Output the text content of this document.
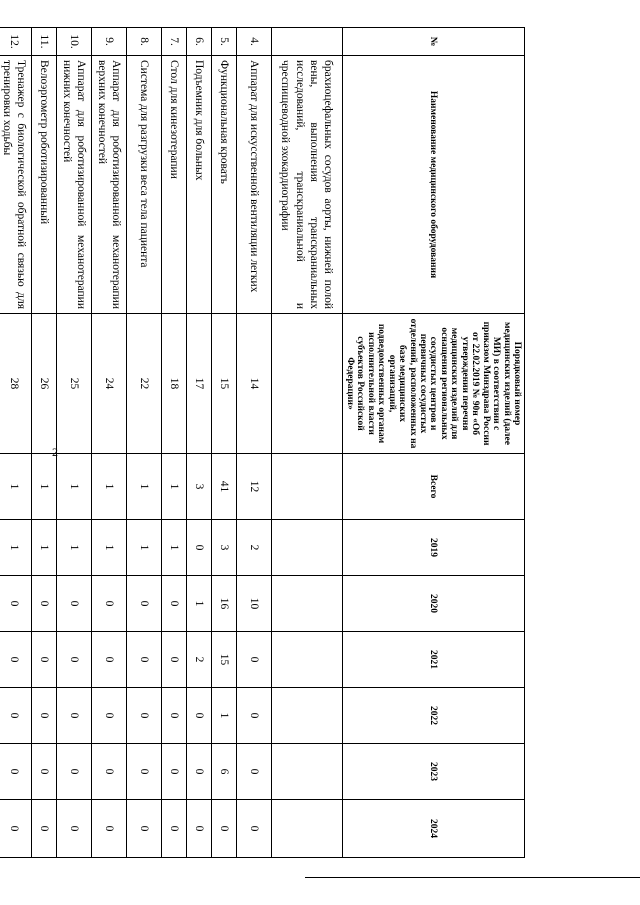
2
№	Наименование медицинского оборудования	Порядковый номер медицинских изделий (далее МИ) в соответствии с приказом Минздрава России от 22.02.2019 № 90н «Об утверждении перечня медицинских изделий для оснащения региональных сосудистых центров и первичных сосудистых отделений, расположенных на базе медицинских организаций, подведомственных органам исполнительной власти субъектов Российской Федерации»	Всего	2019	2020	2021	2022	2023	2024
	брахиоцефальных сосудов аорты, нижней полой вены, выполнения транскраниальных исследований, транскраниальной и чреспищеводной эхокардиографии								
4.	Аппарат для искусственной вентиляции легких	14	12	2	10	0	0	0	0
5.	Функциональная кровать	15	41	3	16	15	1	6	0
6.	Подъемник для больных	17	3	0	1	2	0	0	0
7.	Стол для кинезотерапии	18	1	1	0	0	0	0	0
8.	Система для разгрузки веса тела пациента	22	1	1	0	0	0	0	0
9.	Аппарат для роботизированной механотерапии верхних конечностей	24	1	1	0	0	0	0	0
10.	Аппарат для роботизированной механотерапии нижних конечностей	25	1	1	0	0	0	0	0
11.	Велоэргометр роботизированный	26	1	1	0	0	0	0	0
12.	Тренажер с биологической обратной связью для тренировки ходьбы	28	1	1	0	0	0	0	0
